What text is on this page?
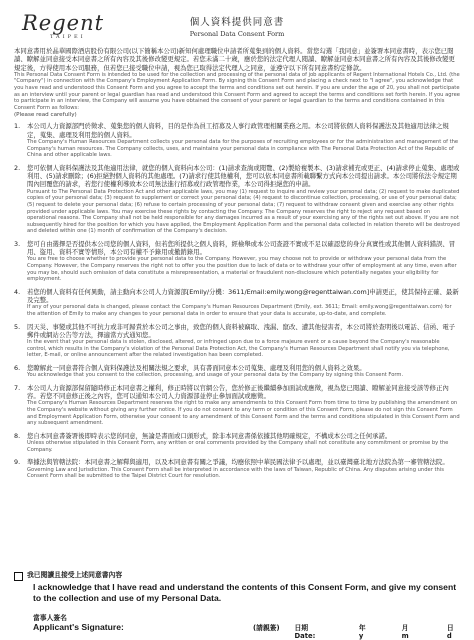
Regent
TAIPEI
個人資料提供同意書
Personal Data Consent Form
本同意書用於晶華國際酒店股份有限公司(以下簡稱本公司)新知何處理職位申請者所蒐集到的個人資料。當您勾選「我同意」並簽署本同意書時，表示您已閱讀、瞭解並同意接受本同意書之所有內容及其後修改變更規定。若您未滿二十歲，應於您的法定代理人閱讀、瞭解並同意本同意書之所有內容及其後修改變更規定後，方得使用本公司服務，但若您已接受職位申請，視為您已取得法定代理人之同意，並遵守以下所有同意書約定條款。
This Personal Data Consent Form is intended to be used for the collection and processing of the personal data of job applicants of Regent International Hotels Co., Ltd. (the "Company") in connection with the Company's Employment Application Form. By signing this Consent Form and placing a check next to "I agree", you acknowledge that you have read and understood this Consent Form and you agree to accept the terms and conditions set out herein. If you are under the age of 20, you shall not participate as an interview until your parent or legal guardian has read and understood this Consent Form and agreed to accept the terms and conditions set forth herein. If you agree to participate in an interview, the Company will assume you have obtained the consent of your parent or legal guardian to the terms and conditions contained in this Consent Form as follows:
(Please read carefully)
1.	本公司人力資源部門於徵求、蒐集您的個人資料，目的是作為員工招募及人事行政管理相關業務之用。本公司將依個人資料保護法及其他適用法律之規定，蒐集、處理及利用您的個人資料。
The Company's Human Resources Department collects your personal data for the purposes of recruiting employees or for the administration and management of the Company's human resources. The Company collects, uses, and maintains your personal data in compliance with The Personal Data Protection Act of the Republic of China and other applicable laws.
2.	您可依個人資料保護法及其他適用法律，就您的個人資料向本公司：(1)請求查詢或閱覽、(2)製給複製本、(3)請求補充或更正、(4)請求停止蒐集、處理或利用、(5)請求刪除；(6)拒絕對個人資料的其他處理。(7)請求行使其他權利，您可以依本同意書所載聯繫方式向本公司提出請求。本公司將依法令規定期間內回覆您的請求，若您行使權利導致本公司無法進行招募或行政管理作業，本公司得拒絕您的申請。
Pursuant to The Personal Data Protection Act and other applicable laws, you may (1) request to inquire and review your personal data; (2) request to make duplicated copies of your personal data; (3) request to supplement or correct your personal data; (4) request to discontinue collection, processing, or use of your personal data; (5) request to delete your personal data; (6) refuse to certain processing of your personal data; (7) request to withdraw consent given and exercise any other rights provided under applicable laws. You may exercise these rights by contacting the Company. The Company reserves the right to reject any request based on operational reasons. The Company shall not be held responsible for any damages incurred as a result of your exercising any of the rights set out above. If you are not subsequently hired for the position for which you have applied, the Employment Application Form and the personal data collected in relation thereto will be destroyed and deleted within one (1) month of confirmation of the Company's decision.
3.	您可自由選擇是否提供本公司您的個人資料，但若您所提供之個人資料，經檢舉或本公司查證不實或不足以確認您的身分真實性或其他個人資料錯誤、冒用、盜用、資料不實等情形，本公司有權不予錄用或撤銷錄用。
You are free to choose whether to provide your personal data to the Company. However, you may choose not to provide or withdraw your personal data from the Company. However, the Company reserves the right not to offer you the position due to lack of data or to withdraw your offer of employment at any time, even after you may be, should such omission of data constitute a misrepresentation, a material or fraudulent non-disclosure which potentially negates your eligibility for employment.
4.	若您的個人資料有任何異動，請主動向本公司人力資源部[Emily/分機：3611/Email:emily.wong@regenttaiwan.com]申請更正，使其保持正確、最新及完整。
If any of your personal data is changed, please contact the Company's Human Resources Department (Emily, ext. 3611; Email: emily.wong@regenttaiwan.com) for the attention of Emily to make any changes to your personal data in order to ensure that your data is accurate, up-to-date, and complete.
5.	因天災、事變或其他不可抗力或非可歸責於本公司之事由，致您的個人資料被竊取、洩漏、竄改、遭其他侵害者，本公司將於查明後以電話、信函、電子郵件或網站公告等方法，擇適當方式通知您。
In the event that your personal data is stolen, disclosed, altered, or infringed upon due to a force majeure event or a cause beyond the Company's reasonable control, which results in the Company's violation of the Personal Data Protection Act, the Company's Human Resources Department shall notify you via telephone, letter, E-mail, or online announcement after the related investigation has been completed.
6.	您瞭解此一同意書符合個人資料保護法及相關法規之要求，具有書面同意本公司蒐集、處理及利用您的個人資料之效果。
You acknowledge that you consent to the collection, processing, and usage of your personal data by the Company by signing this Consent Form.
7.	本公司人力資源部保留隨時修正本同意書之權利，修正時將以官網公告，您於修正後繼續參加面試或應徵，視為您已閱讀、瞭解並同意接受該等修正內容。若您不同意修正後之內容，您可以通知本公司人力資源部並停止參加面試或應徵。
The Company's Human Resources Department reserves the right to make any amendments to this Consent Form from time to time by publishing the amendment on the Company's website without giving any further notice. If you do not consent to any term or condition of this Consent Form, please do not sign this Consent Form and Employment Application Form, otherwise your consent to any amendment of this Consent Form and the terms and conditions stipulated in this Consent Form and any subsequent amendment.
8.	您自本同意書簽署後即時表示您的同意，無論是書面或口頭形式，除非本同意書係依據其他明確規定，不構成本公司之任何承諾。
Unless otherwise stipulated in this Consent Form, any written or oral comments provided by the Company shall not constitute any commitment or promise by the Company.
9.	準據法與管轄法院：本同意書之解釋與適用，以及本同意書有關之爭議，均應依照中華民國法律予以處理，並以臺灣臺北地方法院為第一審管轄法院。
Governing Law and Jurisdiction. This Consent Form shall be interpreted in accordance with the laws of Taiwan, Republic of China. Any disputes arising under this Consent Form shall be submitted to the Taipei District Court for resolution.
我已閱讀且接受上述同意書內容
I acknowledge that I have read and understand the contents of this Consent Form, and give my consent to the collection and use of my Personal Data.
當事人簽名
Applicant's Signature:	(請親簽)	日期 Date:
年 y
月 m
日 d
